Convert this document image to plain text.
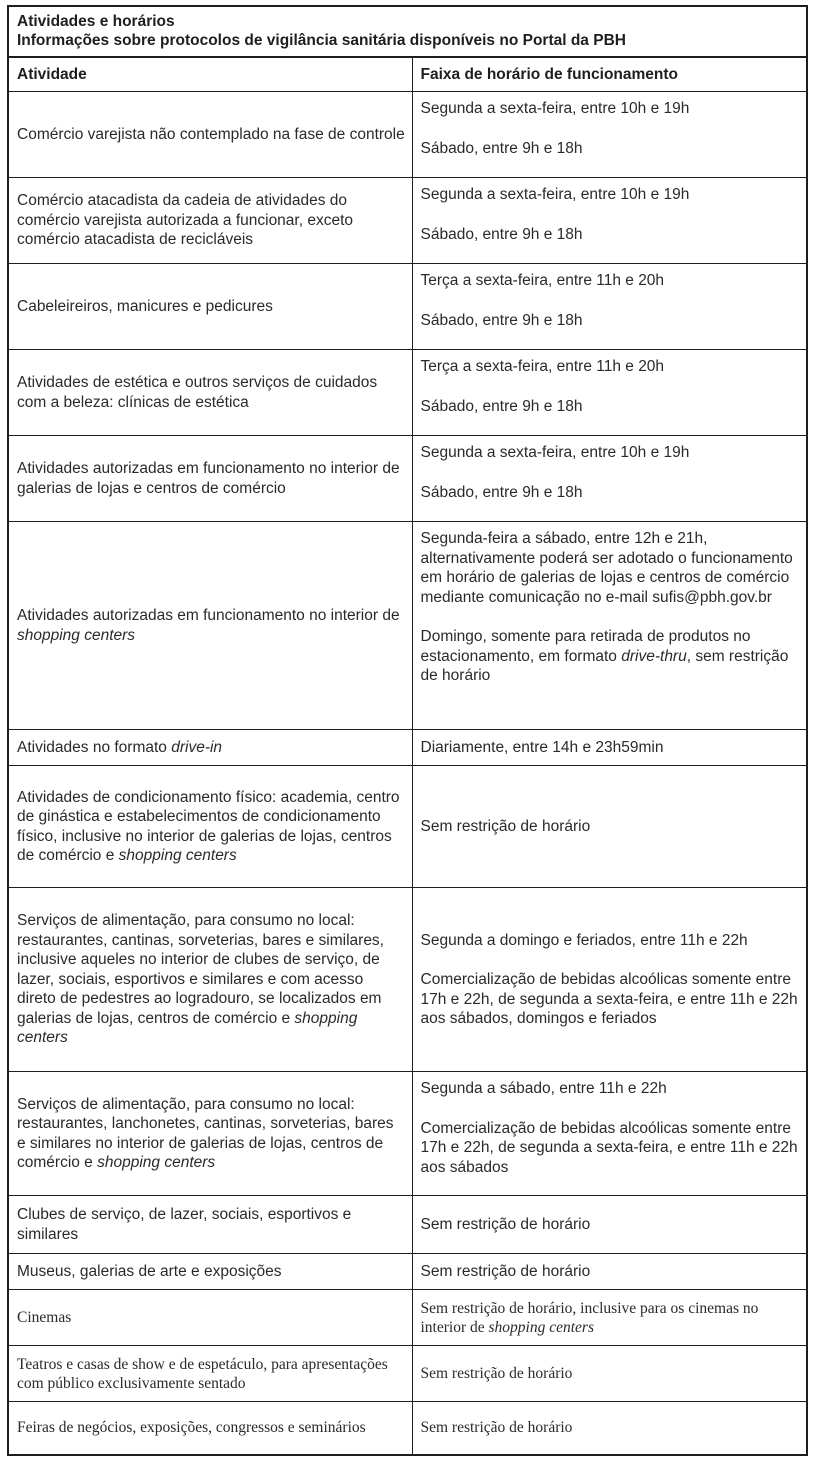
Atividades e horários
Informações sobre protocolos de vigilância sanitária disponíveis no Portal da PBH
Atividade	Faixa de horário de funcionamento
Comércio varejista não contemplado na fase de controle	Segunda a sexta-feira, entre 10h e 19h

Sábado, entre 9h e 18h

Comércio atacadista da cadeia de atividades do comércio varejista autorizada a funcionar, exceto comércio atacadista de recicláveis	Segunda a sexta-feira, entre 10h e 19h

Sábado, entre 9h e 18h

Cabeleireiros, manicures e pedicures	Terça a sexta-feira, entre 11h e 20h

Sábado, entre 9h e 18h

Atividades de estética e outros serviços de cuidados com a beleza: clínicas de estética	Terça a sexta-feira, entre 11h e 20h

Sábado, entre 9h e 18h

Atividades autorizadas em funcionamento no interior de galerias de lojas e centros de comércio	Segunda a sexta-feira, entre 10h e 19h

Sábado, entre 9h e 18h

Atividades autorizadas em funcionamento no interior de shopping centers	Segunda-feira a sábado, entre 12h e 21h, alternativamente poderá ser adotado o funcionamento em horário de galerias de lojas e centros de comércio mediante comunicação no e-mail sufis@pbh.gov.br

Domingo, somente para retirada de produtos no estacionamento, em formato drive-thru, sem restrição de horário

Atividades no formato drive-in	Diariamente, entre 14h e 23h59min
Atividades de condicionamento físico: academia, centro de ginástica e estabelecimentos de condicionamento físico, inclusive no interior de galerias de lojas, centros de comércio e shopping centers	Sem restrição de horário
Serviços de alimentação, para consumo no local: restaurantes, cantinas, sorveterias, bares e similares, inclusive aqueles no interior de clubes de serviço, de lazer, sociais, esportivos e similares e com acesso direto de pedestres ao logradouro, se localizados em galerias de lojas, centros de comércio e shopping centers	Segunda a domingo e feriados, entre 11h e 22h

Comercialização de bebidas alcoólicas somente entre 17h e 22h, de segunda a sexta-feira, e entre 11h e 22h aos sábados, domingos e feriados

Serviços de alimentação, para consumo no local: restaurantes, lanchonetes, cantinas, sorveterias, bares e similares no interior de galerias de lojas, centros de comércio e shopping centers	Segunda a sábado, entre 11h e 22h

Comercialização de bebidas alcoólicas somente entre 17h e 22h, de segunda a sexta-feira, e entre 11h e 22h aos sábados

Clubes de serviço, de lazer, sociais, esportivos e similares	Sem restrição de horário
Museus, galerias de arte e exposições	Sem restrição de horário
Cinemas	Sem restrição de horário, inclusive para os cinemas no interior de shopping centers
Teatros e casas de show e de espetáculo, para apresentações com público exclusivamente sentado	Sem restrição de horário
Feiras de negócios, exposições, congressos e seminários	Sem restrição de horário
